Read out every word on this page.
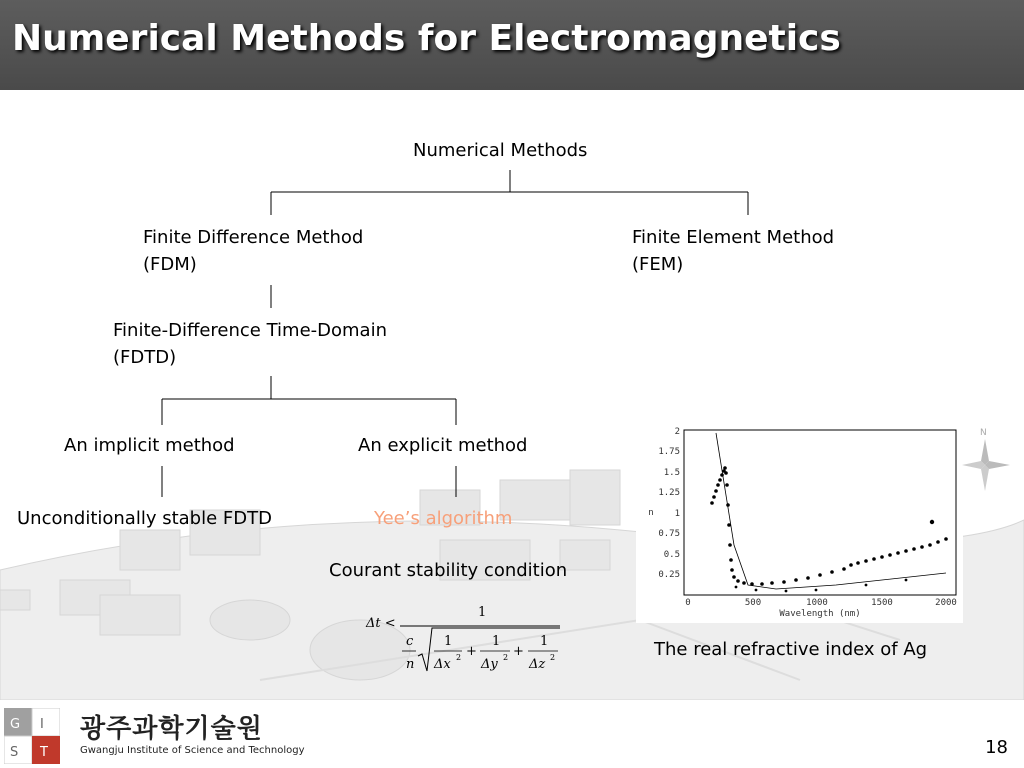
Numerical Methods for Electromagnetics
Numerical Methods
Finite Difference Method
(FDM)
Finite Element Method
(FEM)
Finite-Difference Time-Domain
(FDTD)
An implicit method	An explicit method
Unconditionally stable FDTD	Yee’s algorithm
Courant stability condition
Δt <
1
c
n
1
Δx 2 +
1
Δy 2 +
1
Δz 2
2
1.75
1.5
1.25
1
0.75
0.5
0.25
0	500	1000	1500	2000
Wavelength (nm)
n
The real refractive index of Ag
N
G I
S T
광주과학기술원
Gwangju Institute of Science and Technology	18
